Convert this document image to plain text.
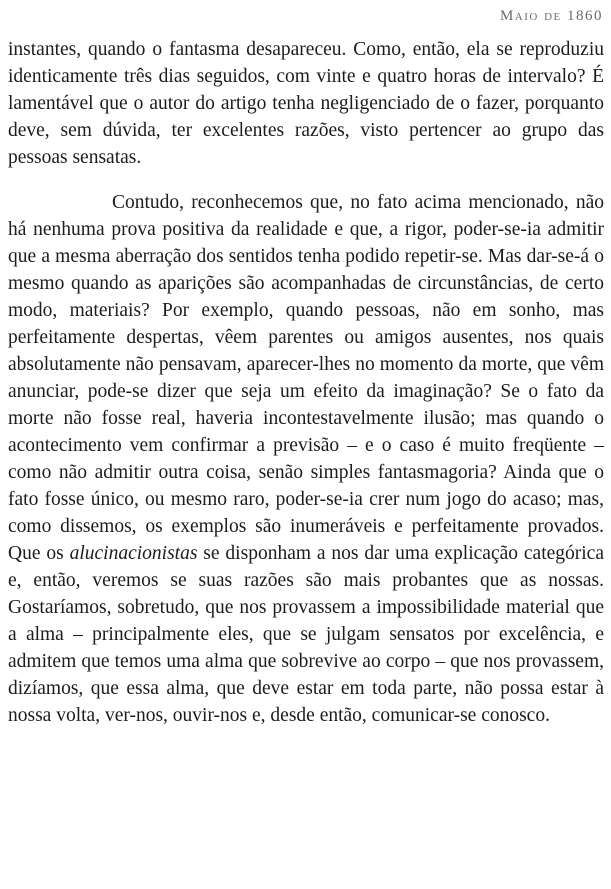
Maio de 1860

instantes, quando o fantasma desapareceu. Como, então, ela se reproduziu identicamente três dias seguidos, com vinte e quatro horas de intervalo? É lamentável que o autor do artigo tenha negligenciado de o fazer, porquanto deve, sem dúvida, ter excelentes razões, visto pertencer ao grupo das pessoas sensatas.

Contudo, reconhecemos que, no fato acima mencionado, não há nenhuma prova positiva da realidade e que, a rigor, poder-se-ia admitir que a mesma aberração dos sentidos tenha podido repetir-se. Mas dar-se-á o mesmo quando as aparições são acompanhadas de circunstâncias, de certo modo, materiais? Por exemplo, quando pessoas, não em sonho, mas perfeitamente despertas, vêem parentes ou amigos ausentes, nos quais absolutamente não pensavam, aparecer-lhes no momento da morte, que vêm anunciar, pode-se dizer que seja um efeito da imaginação? Se o fato da morte não fosse real, haveria incontestavelmente ilusão; mas quando o acontecimento vem confirmar a previsão – e o caso é muito freqüente – como não admitir outra coisa, senão simples fantasmagoria? Ainda que o fato fosse único, ou mesmo raro, poder-se-ia crer num jogo do acaso; mas, como dissemos, os exemplos são inumeráveis e perfeitamente provados. Que os alucinacionistas se disponham a nos dar uma explicação categórica e, então, veremos se suas razões são mais probantes que as nossas. Gostaríamos, sobretudo, que nos provassem a impossibilidade material que a alma – principalmente eles, que se julgam sensatos por excelência, e admitem que temos uma alma que sobrevive ao corpo – que nos provassem, dizíamos, que essa alma, que deve estar em toda parte, não possa estar à nossa volta, ver-nos, ouvir-nos e, desde então, comunicar-se conosco.
